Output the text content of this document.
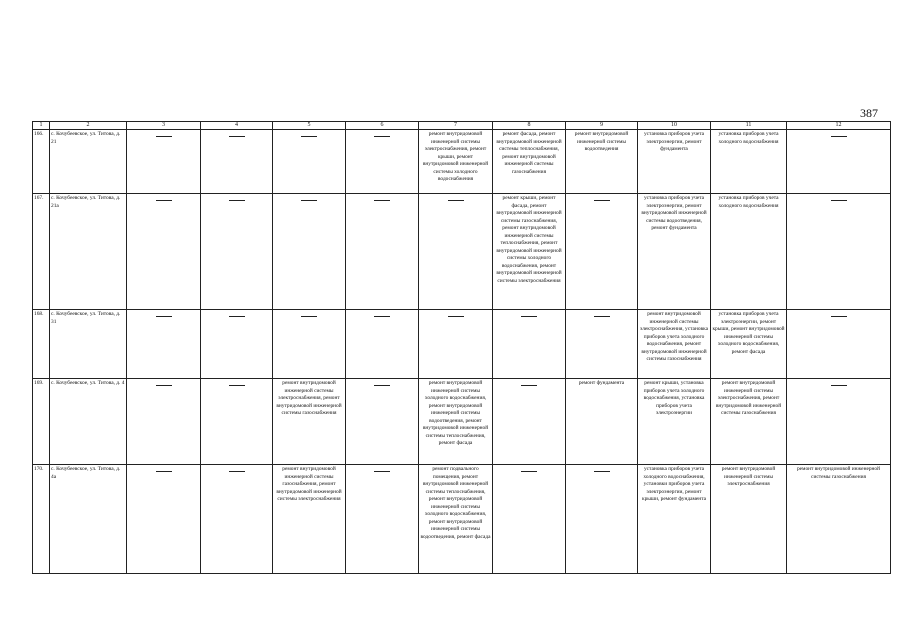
387
1	2	3	4	5	6	7	8	9	10	11	12
166.	с. Кочубеевское, ул. Титова, д. 21					ремонт внутридомовой инженерной системы электроснабжения, ремонт крыши, ремонт внутридомовой инженерной системы холодного водоснабжения	ремонт фасада, ремонт внутридомовой инженерной системы теплоснабжения, ремонт внутридомовой инженерной системы газоснабжения	ремонт внутридомовой инженерной системы водоотведения	установка приборов учета электроэнергии, ремонт фундамента	установка приборов учета холодного водоснабжения	

167.	с. Кочубеевское, ул. Титова, д. 21а						ремонт крыши, ремонт фасада, ремонт внутридомовой инженерной системы газоснабжения, ремонт внутридомовой инженерной системы теплоснабжения, ремонт внутридомовой инженерной системы холодного водоснабжения, ремонт внутридомовой инженерной системы электроснабжения		установка приборов учета электроэнергии, ремонт внутридомовой инженерной системы водоотведения, ремонт фундамента	установка приборов учета холодного водоснабжения	

168.	с. Кочубеевское, ул. Титова, д. 31								ремонт внутридомовой инженерной системы электроснабжения, установка приборов учета холодного водоснабжения, ремонт внутридомовой инженерной системы газоснабжения	установка приборов учета электроэнергии, ремонт крыши, ремонт внутридомовой инженерной системы холодного водоснабжения, ремонт фасада	

169.	с. Кочубеевское, ул. Титова, д. 4			ремонт внутридомовой инженерной системы электроснабжения, ремонт внутридомовой инженерной системы газоснабжения		ремонт внутридомовой инженерной системы холодного водоснабжения, ремонт внутридомовой инженерной системы водоотведения, ремонт внутридомовой инженерной системы теплоснабжения, ремонт фасада		ремонт фундамента	ремонт крыши, установка приборов учета холодного водоснабжения, установка приборов учета электроэнергии	ремонт внутридомовой инженерной системы электроснабжения, ремонт внутридомовой инженерной системы газоснабжения	

170.	с. Кочубеевское, ул. Титова, д. 4а			ремонт внутридомовой инженерной системы газоснабжения, ремонт внутридомовой инженерной системы электроснабжения		ремонт подвального помещения, ремонт внутридомовой инженерной системы теплоснабжения, ремонт внутридомовой инженерной системы холодного водоснабжения, ремонт внутридомовой инженерной системы водоотведения, ремонт фасада			установка приборов учета холодного водоснабжения, установки приборов учета электроэнергии, ремонт крыши, ремонт фундамента	ремонт внутридомовой инженерной системы электроснабжения	ремонт внутридомовой инженерной системы газоснабжения
